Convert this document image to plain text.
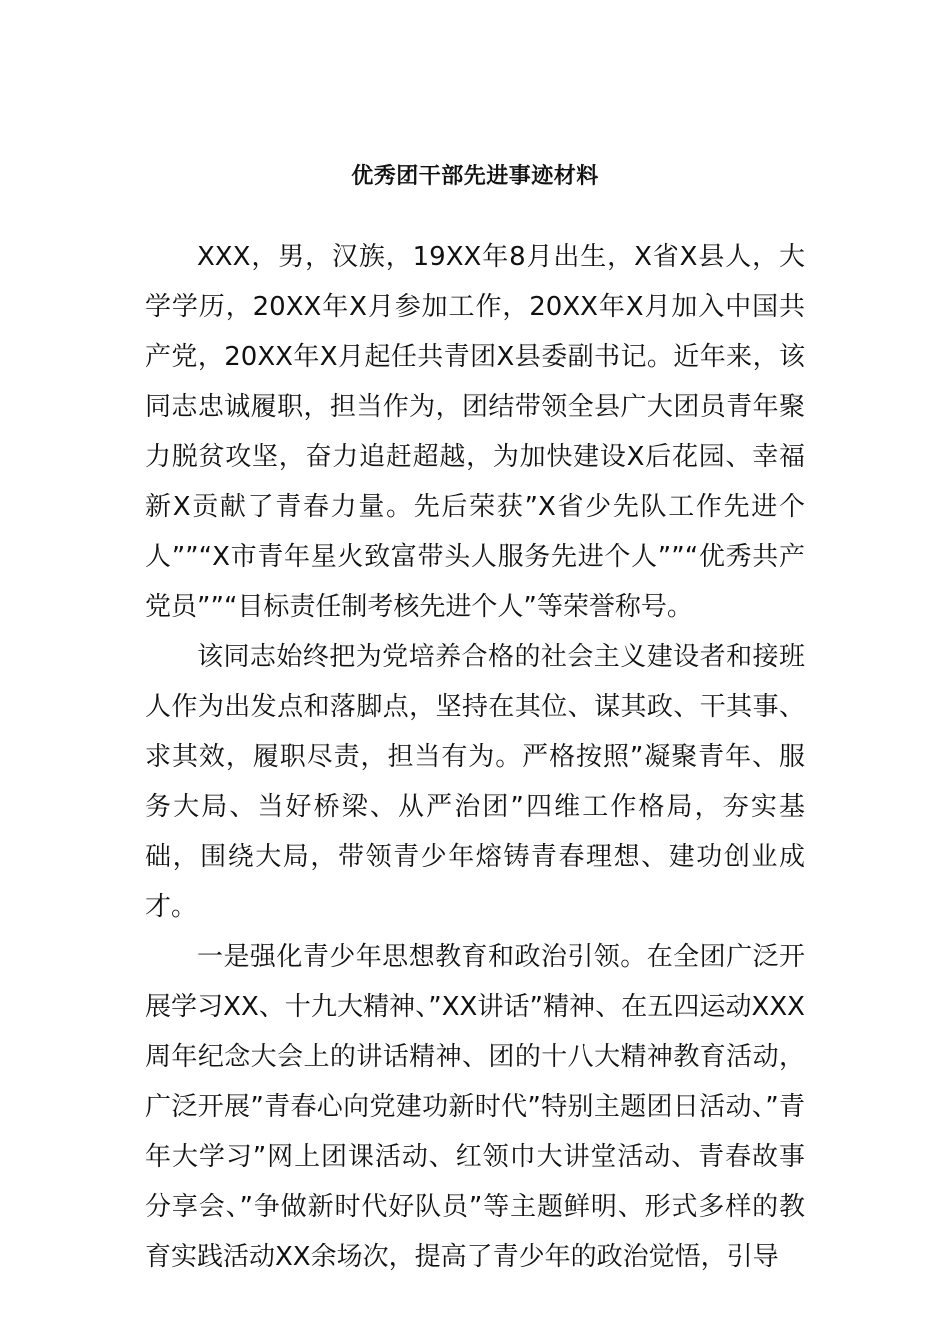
优秀团干部先进事迹材料

XXX，男，汉族，19XX年8月出生，X省X县人，大学学历，20XX年X月参加工作，20XX年X月加入中国共产党，20XX年X月起任共青团X县委副书记。近年来，该同志忠诚履职，担当作为，团结带领全县广大团员青年聚力脱贫攻坚，奋力追赶超越，为加快建设X后花园、幸福新X贡献了青春力量。先后荣获”X省少先队工作先进个人””“X市青年星火致富带头人服务先进个人””“优秀共产党员””“目标责任制考核先进个人”等荣誉称号。

该同志始终把为党培养合格的社会主义建设者和接班人作为出发点和落脚点，坚持在其位、谋其政、干其事、求其效，履职尽责，担当有为。严格按照”凝聚青年、服务大局、当好桥梁、从严治团”四维工作格局，夯实基础，围绕大局，带领青少年熔铸青春理想、建功创业成才。

一是强化青少年思想教育和政治引领。在全团广泛开展学习XX、十九大精神、”XX讲话”精神、在五四运动XXX周年纪念大会上的讲话精神、团的十八大精神教育活动，广泛开展”青春心向党建功新时代”特别主题团日活动、”青年大学习”网上团课活动、红领巾大讲堂活动、青春故事分享会、”争做新时代好队员”等主题鲜明、形式多样的教育实践活动XX余场次，提高了青少年的政治觉悟，引导
